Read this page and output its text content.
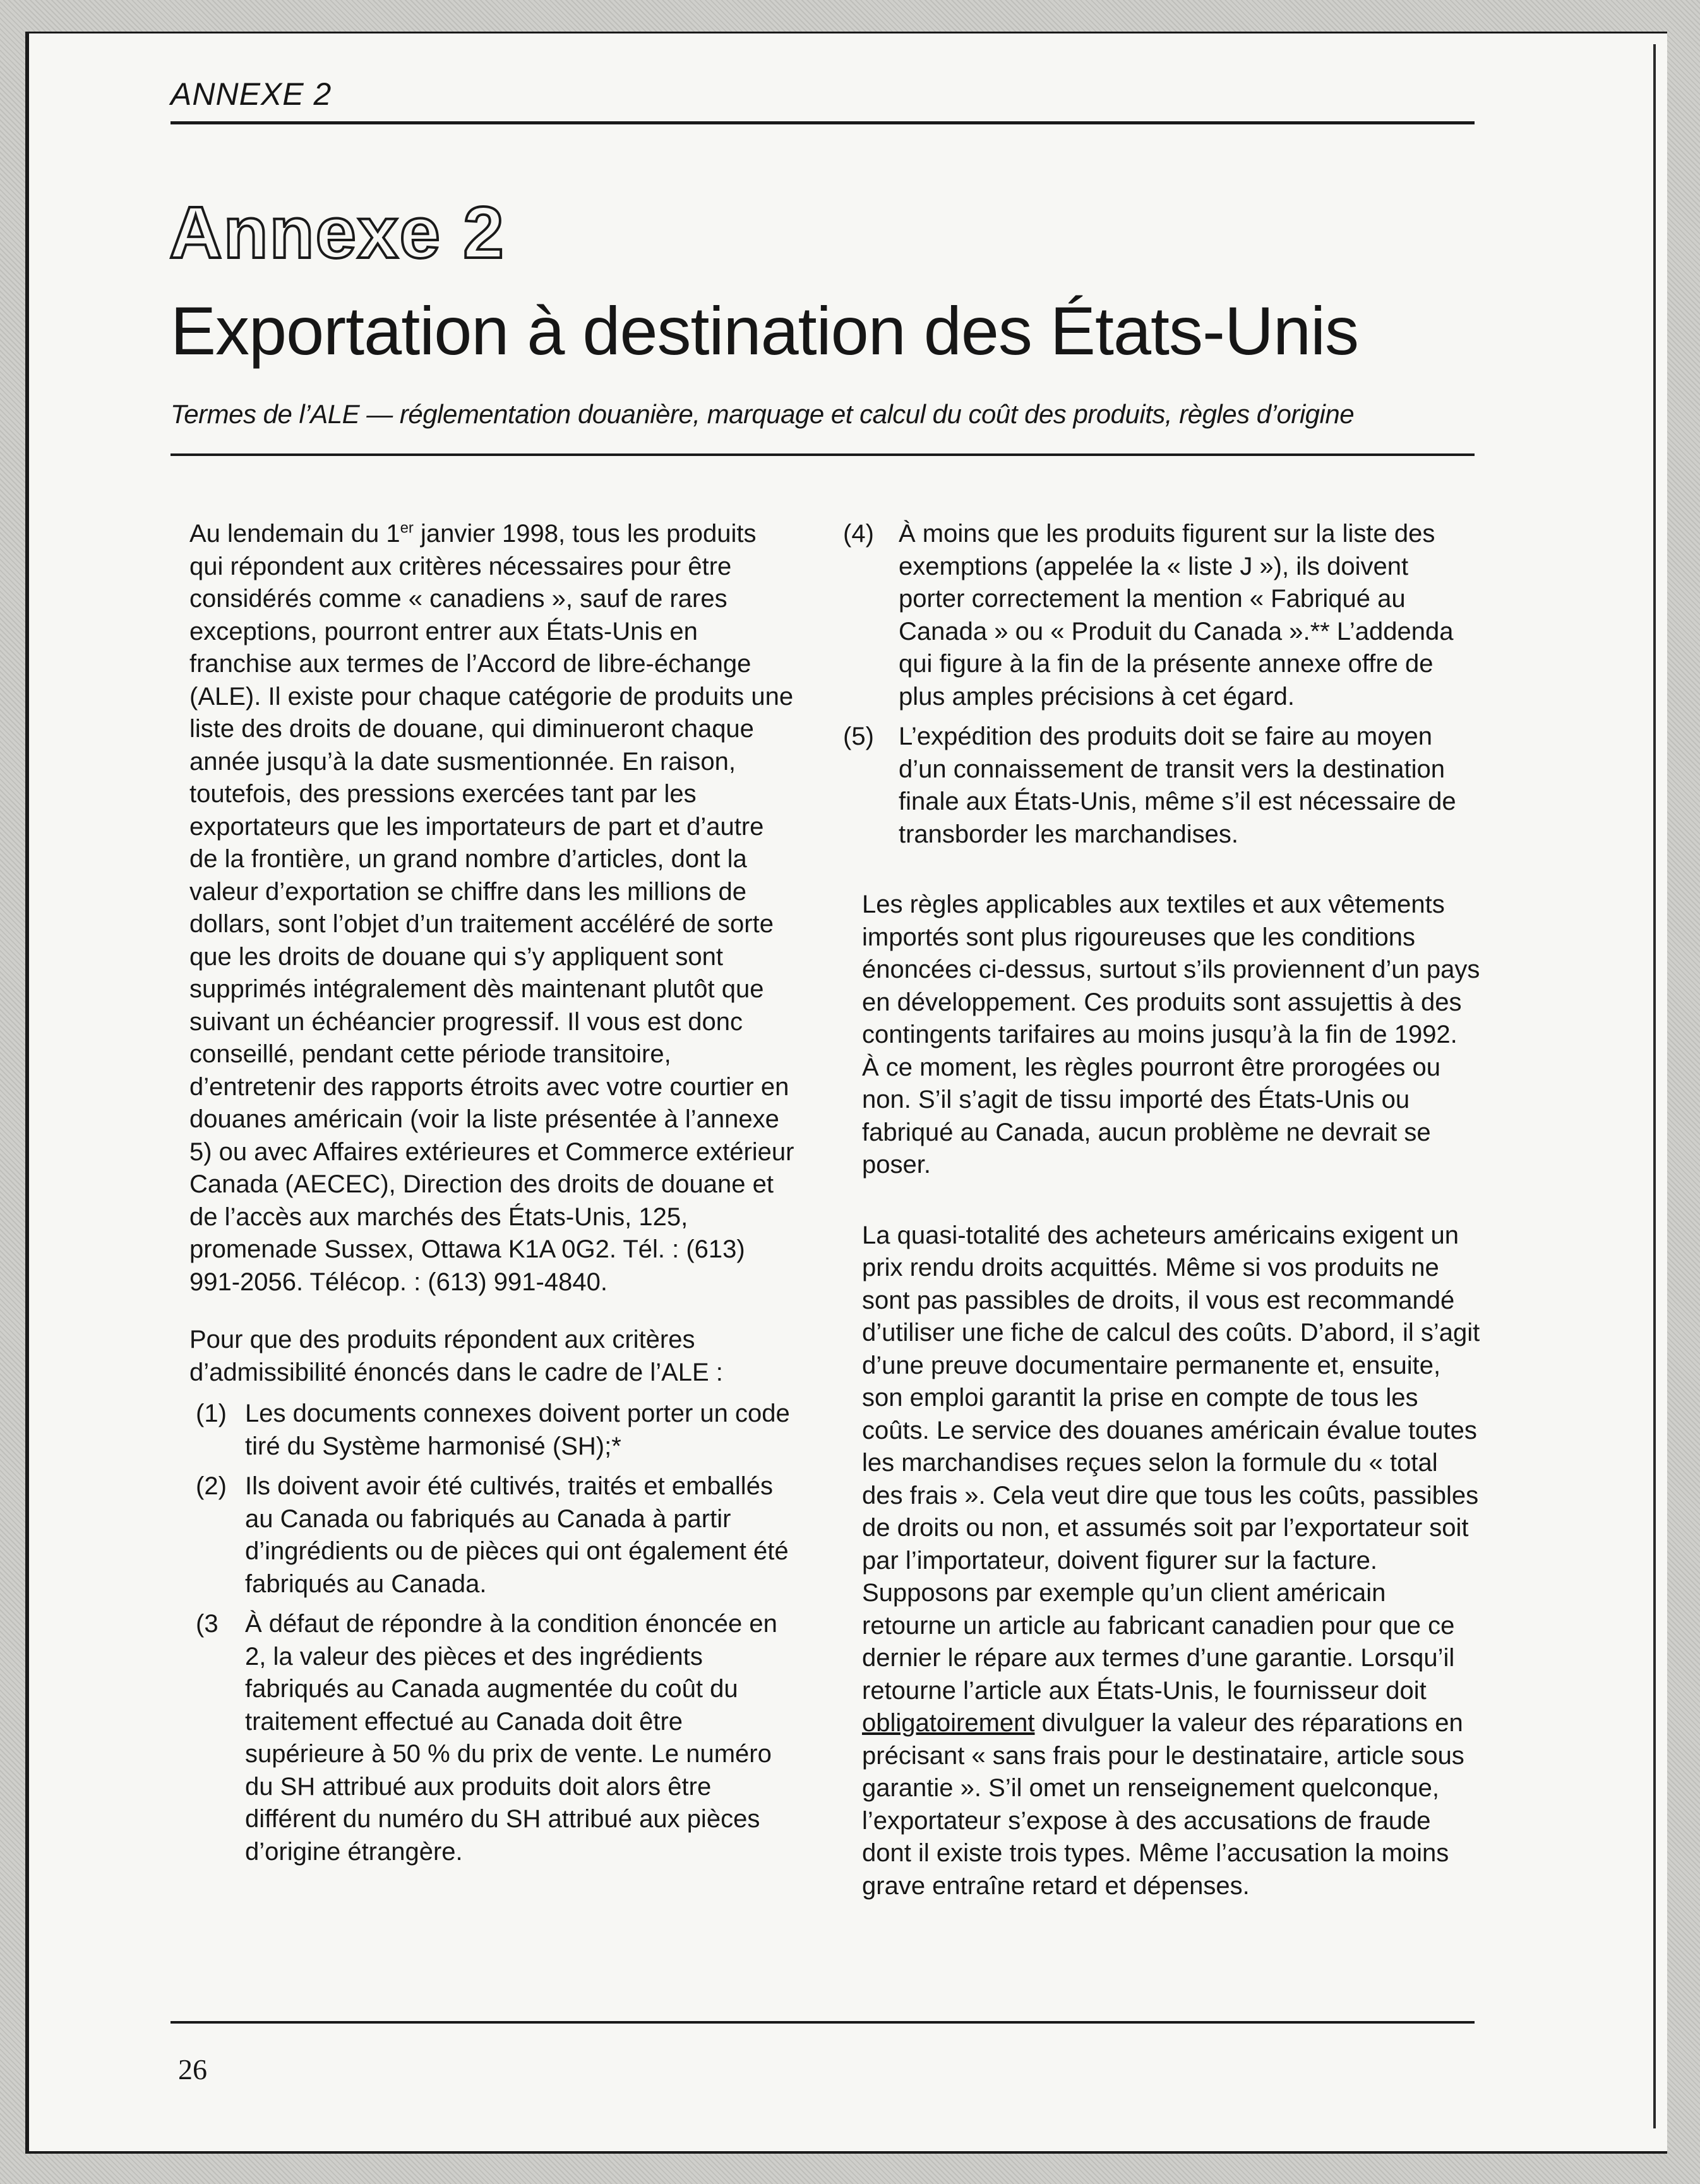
ANNEXE 2
Annexe 2
Exportation à destination des États-Unis
Termes de l’ALE — réglementation douanière, marquage et calcul du coût des produits, règles d’origine

Au lendemain du 1er janvier 1998, tous les produits qui répondent aux critères nécessaires pour être considérés comme « canadiens », sauf de rares exceptions, pourront entrer aux États-Unis en franchise aux termes de l’Accord de libre-échange (ALE). Il existe pour chaque catégorie de produits une liste des droits de douane, qui diminueront chaque année jusqu’à la date susmentionnée. En raison, toutefois, des pressions exercées tant par les exportateurs que les importateurs de part et d’autre de la frontière, un grand nombre d’articles, dont la valeur d’exportation se chiffre dans les millions de dollars, sont l’objet d’un traitement accéléré de sorte que les droits de douane qui s’y appliquent sont supprimés intégralement dès maintenant plutôt que suivant un échéancier progressif. Il vous est donc conseillé, pendant cette période transitoire, d’entretenir des rapports étroits avec votre courtier en douanes américain (voir la liste présentée à l’annexe 5) ou avec Affaires extérieures et Commerce extérieur Canada (AECEC), Direction des droits de douane et de l’accès aux marchés des États-Unis, 125, promenade Sussex, Ottawa K1A 0G2. Tél. : (613) 991-2056. Télécop. : (613) 991-4840.

Pour que des produits répondent aux critères d’admissibilité énoncés dans le cadre de l’ALE :

(1) Les documents connexes doivent porter un code tiré du Système harmonisé (SH);*
(2) Ils doivent avoir été cultivés, traités et emballés au Canada ou fabriqués au Canada à partir d’ingrédients ou de pièces qui ont également été fabriqués au Canada.
(3	À défaut de répondre à la condition énoncée en 2, la valeur des pièces et des ingrédients fabriqués au Canada augmentée du coût du traitement effectué au Canada doit être supérieure à 50 % du prix de vente. Le numéro du SH attribué aux produits doit alors être différent du numéro du SH attribué aux pièces d’origine étrangère.
(4) À moins que les produits figurent sur la liste des exemptions (appelée la « liste J »), ils doivent porter correctement la mention « Fabriqué au Canada » ou « Produit du Canada ».** L’addenda qui figure à la fin de la présente annexe offre de plus amples précisions à cet égard.
(5) L’expédition des produits doit se faire au moyen d’un connaissement de transit vers la destination finale aux États-Unis, même s’il est nécessaire de transborder les marchandises.

Les règles applicables aux textiles et aux vêtements importés sont plus rigoureuses que les conditions énoncées ci-dessus, surtout s’ils proviennent d’un pays en développement. Ces produits sont assujettis à des contingents tarifaires au moins jusqu’à la fin de 1992. À ce moment, les règles pourront être prorogées ou non. S’il s’agit de tissu importé des États-Unis ou fabriqué au Canada, aucun problème ne devrait se poser.

La quasi-totalité des acheteurs américains exigent un prix rendu droits acquittés. Même si vos produits ne sont pas passibles de droits, il vous est recommandé d’utiliser une fiche de calcul des coûts. D’abord, il s’agit d’une preuve documentaire permanente et, ensuite, son emploi garantit la prise en compte de tous les coûts. Le service des douanes américain évalue toutes les marchandises reçues selon la formule du « total des frais ». Cela veut dire que tous les coûts, passibles de droits ou non, et assumés soit par l’exportateur soit par l’importateur, doivent figurer sur la facture. Supposons par exemple qu’un client américain retourne un article au fabricant canadien pour que ce dernier le répare aux termes d’une garantie. Lorsqu’il retourne l’article aux États-Unis, le fournisseur doit obligatoirement divulguer la valeur des réparations en précisant « sans frais pour le destinataire, article sous garantie ». S’il omet un renseignement quelconque, l’exportateur s’expose à des accusations de fraude dont il existe trois types. Même l’accusation la moins grave entraîne retard et dépenses.

26
